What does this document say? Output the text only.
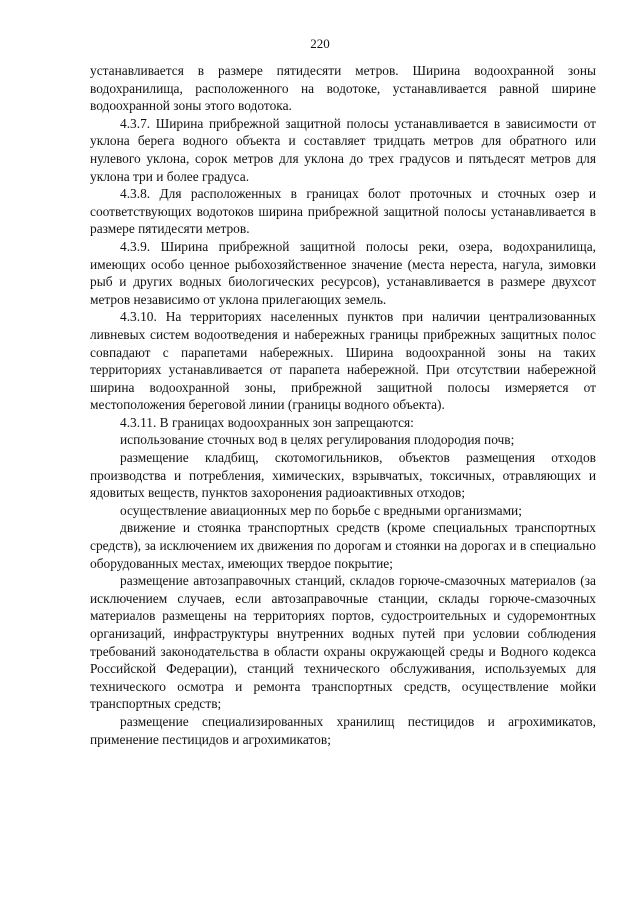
220

устанавливается в размере пятидесяти метров. Ширина водоохранной зоны водохранилища, расположенного на водотоке, устанавливается равной ширине водоохранной зоны этого водотока.

4.3.7. Ширина прибрежной защитной полосы устанавливается в зависимости от уклона берега водного объекта и составляет тридцать метров для обратного или нулевого уклона, сорок метров для уклона до трех градусов и пятьдесят метров для уклона три и более градуса.

4.3.8. Для расположенных в границах болот проточных и сточных озер и соответствующих водотоков ширина прибрежной защитной полосы устанавливается в размере пятидесяти метров.

4.3.9. Ширина прибрежной защитной полосы реки, озера, водохранилища, имеющих особо ценное рыбохозяйственное значение (места нереста, нагула, зимовки рыб и других водных биологических ресурсов), устанавливается в размере двухсот метров независимо от уклона прилегающих земель.

4.3.10. На территориях населенных пунктов при наличии централизованных ливневых систем водоотведения и набережных границы прибрежных защитных полос совпадают с парапетами набережных. Ширина водоохранной зоны на таких территориях устанавливается от парапета набережной. При отсутствии набережной ширина водоохранной зоны, прибрежной защитной полосы измеряется от местоположения береговой линии (границы водного объекта).

4.3.11. В границах водоохранных зон запрещаются:

использование сточных вод в целях регулирования плодородия почв;

размещение кладбищ, скотомогильников, объектов размещения отходов производства и потребления, химических, взрывчатых, токсичных, отравляющих и ядовитых веществ, пунктов захоронения радиоактивных отходов;

осуществление авиационных мер по борьбе с вредными организмами;

движение и стоянка транспортных средств (кроме специальных транспортных средств), за исключением их движения по дорогам и стоянки на дорогах и в специально оборудованных местах, имеющих твердое покрытие;

размещение автозаправочных станций, складов горюче-смазочных материалов (за исключением случаев, если автозаправочные станции, склады горюче-смазочных материалов размещены на территориях портов, судостроительных и судоремонтных организаций, инфраструктуры внутренних водных путей при условии соблюдения требований законодательства в области охраны окружающей среды и Водного кодекса Российской Федерации), станций технического обслуживания, используемых для технического осмотра и ремонта транспортных средств, осуществление мойки транспортных средств;

размещение специализированных хранилищ пестицидов и агрохимикатов, применение пестицидов и агрохимикатов;
